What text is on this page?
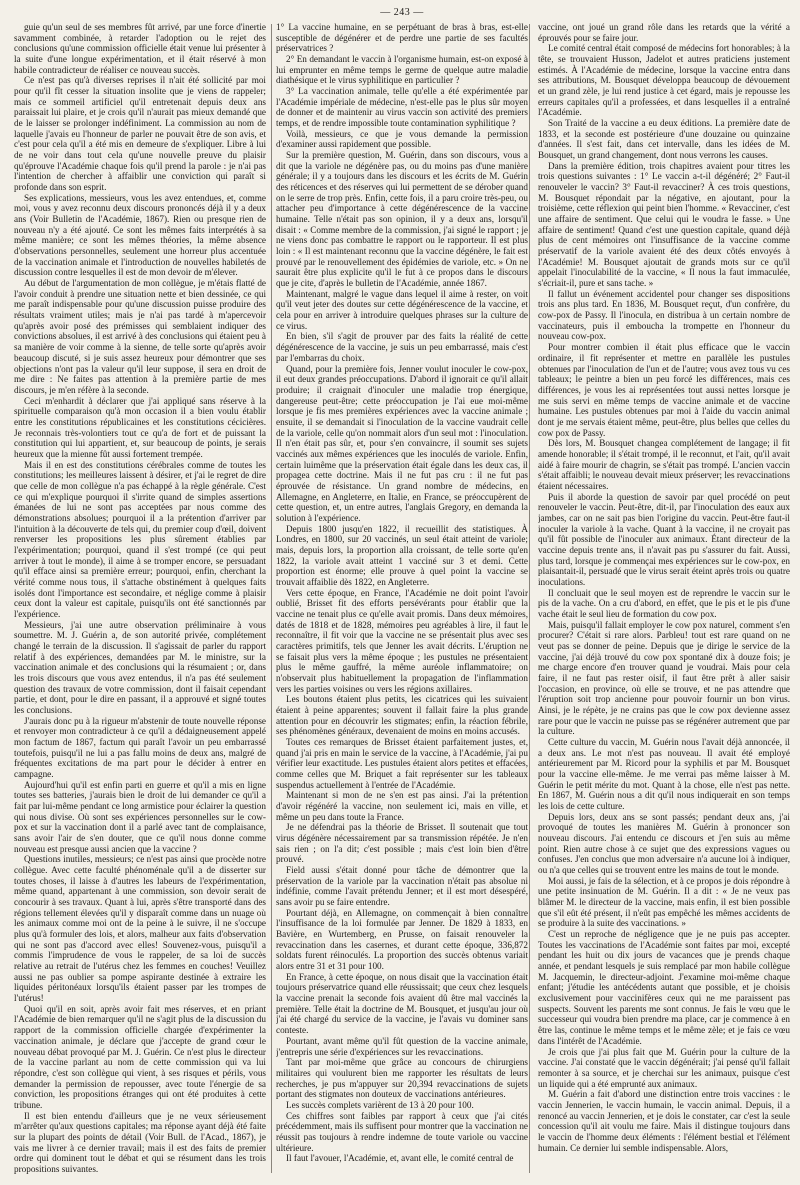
— 243 —

guie qu'un seul de ses membres fût arrivé, par une force d'inertie savamment combinée, à retarder l'adoption ou le rejet des conclusions qu'une commission officielle était venue lui présenter à la suite d'une longue expérimentation, et il était réservé à mon habile contradicteur de réaliser ce nouveau succès.

Ce n'est pas qu'à diverses reprises il n'ait été sollicité par moi pour qu'il fît cesser la situation insolite que je viens de rappeler; mais ce sommeil artificiel qu'il entretenait depuis deux ans paraissait lui plaire, et je crois qu'il n'aurait pas mieux demandé que de le laisser se prolonger indéfiniment. La commission au nom de laquelle j'avais eu l'honneur de parler ne pouvait être de son avis, et c'est pour cela qu'il a été mis en demeure de s'expliquer. Libre à lui de ne voir dans tout cela qu'une nouvelle preuve du plaisir qu'éprouve l'Académie chaque fois qu'il prend la parole : je n'ai pas l'intention de chercher à affaiblir une conviction qui paraît si profonde dans son esprit.

Ses explications, messieurs, vous les avez entendues, et, comme moi, vous y avez reconnu deux discours prononcés déjà il y a deux ans (Voir Bulletin de l'Académie, 1867). Rien ou presque rien de nouveau n'y a été ajouté. Ce sont les mêmes faits interprétés à sa même manière; ce sont les mêmes théories, la même absence d'observations personnelles, seulement une horreur plus accentuée de la vaccination animale et l'introduction de nouvelles habiletés de discussion contre lesquelles il est de mon devoir de m'élever.

Au début de l'argumentation de mon collègue, je m'étais flatté de l'avoir conduit à prendre une situation nette et bien dessinée, ce qui me paraît indispensable pour qu'une discussion puisse produire des résultats vraiment utiles; mais je n'ai pas tardé à m'apercevoir qu'après avoir posé des prémisses qui semblaient indiquer des convictions absolues, il est arrivé à des conclusions qui étaient peu à sa manière de voir comme à la sienne, de telle sorte qu'après avoir beaucoup discuté, si je suis assez heureux pour démontrer que ses objections n'ont pas la valeur qu'il leur suppose, il sera en droit de me dire : Ne faites pas attention à la première partie de mes discours, je m'en réfère à la seconde.

Ceci m'enhardit à déclarer que j'ai appliqué sans réserve à la spirituelle comparaison qu'à mon occasion il a bien voulu établir entre les constitutions républicaines et les constitutions cécicières. Je reconnais très-volontiers tout ce qu'a de fort et de puissant la constitution qui lui appartient, et, sur beaucoup de points, je serais heureux que la mienne fût aussi fortement trempée.

Mais il en est des constitutions cérébrales comme de toutes les constitutions; les meilleures laissent à désirer, et j'ai le regret de dire que celle de mon collègue n'a pas échappé à la règle générale. C'est ce qui m'explique pourquoi il s'irrite quand de simples assertions émanées de lui ne sont pas acceptées par nous comme des démonstrations absolues; pourquoi il a la prétention d'arriver par l'intuition à la découverte de tels qui, du premier coup d'œil, doivent renverser les propositions les plus sûrement établies par l'expérimentation; pourquoi, quand il s'est trompé (ce qui peut arriver à tout le monde), il aime à se tromper encore, se persuadant qu'il efface ainsi sa première erreur; pourquoi, enfin, cherchant la vérité comme nous tous, il s'attache obstinément à quelques faits isolés dont l'importance est secondaire, et néglige comme à plaisir ceux dont la valeur est capitale, puisqu'ils ont été sanctionnés par l'expérience.

Messieurs, j'ai une autre observation préliminaire à vous soumettre. M. J. Guérin a, de son autorité privée, complétement changé le terrain de la discussion. Il s'agissait de parler du rapport relatif à des expériences, demandées par M. le ministre, sur la vaccination animale et des conclusions qui la résumaient ; or, dans les trois discours que vous avez entendus, il n'a pas été seulement question des travaux de votre commission, dont il faisait cependant partie, et dont, pour le dire en passant, il a approuvé et signé toutes les conclusions.

J'aurais donc pu à la rigueur m'abstenir de toute nouvelle réponse et renvoyer mon contradicteur à ce qu'il a dédaigneusement appelé mon factum de 1867, factum qui paraît l'avoir un peu embarrassé toutefois, puisqu'il ne lui a pas fallu moins de deux ans, malgré de fréquentes excitations de ma part pour le décider à entrer en campagne.

Aujourd'hui qu'il est enfin parti en guerre et qu'il a mis en ligne toutes ses batteries, j'aurais bien le droit de lui demander ce qu'il a fait par lui-même pendant ce long armistice pour éclairer la question qui nous divise. Où sont ses expériences personnelles sur le cow-pox et sur la vaccination dont il a parlé avec tant de complaisance, sans avoir l'air de s'en douter, que ce qu'il nous donne comme nouveau est presque aussi ancien que la vaccine ?

Questions inutiles, messieurs; ce n'est pas ainsi que procède notre collègue. Avec cette faculté phénoménale qu'il a de disserter sur toutes choses, il laisse à d'autres les labeurs de l'expérimentation, même quand, appartenant à une commission, son devoir serait de concourir à ses travaux. Quant à lui, après s'être transporté dans des régions tellement élevées qu'il y disparaît comme dans un nuage où les animaux comme moi ont de la peine à le suivre, il ne s'occupe plus qu'à formuler des lois, et alors, malheur aux faits d'observation qui ne sont pas d'accord avec elles! Souvenez-vous, puisqu'il a commis l'imprudence de vous le rappeler, de sa loi de succès relative au retrait de l'utérus chez les femmes en couches! Veuillez aussi ne pas oublier sa pompe aspirante destinée à extraire les liquides péritonéaux lorsqu'ils étaient passer par les trompes de l'utérus!

Quoi qu'il en soit, après avoir fait mes réserves, et en priant l'Académie de bien remarquer qu'il ne s'agit plus de la discussion du rapport de la commission officielle chargée d'expérimenter la vaccination animale, je déclare que j'accepte de grand cœur le nouveau débat provoqué par M. J. Guérin. Ce n'est plus le directeur de la vaccine parlant au nom de cette commission qui va lui répondre, c'est son collègue qui vient, à ses risques et périls, vous demander la permission de repousser, avec toute l'énergie de sa conviction, les propositions étranges qui ont été produites à cette tribune.

Il est bien entendu d'ailleurs que je ne veux sérieusement m'arrêter qu'aux questions capitales; ma réponse ayant déjà été faite sur la plupart des points de détail (Voir Bull. de l'Acad., 1867), je vais me livrer à ce dernier travail; mais il est des faits de premier ordre qui dominent tout le débat et qui se résument dans les trois propositions suivantes.

1° La vaccine humaine, en se perpétuant de bras à bras, est-elle susceptible de dégénérer et de perdre une partie de ses facultés préservatrices ?

2° En demandant le vaccin à l'organisme humain, est-on exposé à lui emprunter en même temps le germe de quelque autre maladie diathésique et le virus syphilitique en particulier ?

3° La vaccination animale, telle qu'elle a été expérimentée par l'Académie impériale de médecine, n'est-elle pas le plus sûr moyen de donner et de maintenir au virus vaccin son activité des premiers temps, et de rendre impossible toute contamination syphilitique ?

Voilà, messieurs, ce que je vous demande la permission d'examiner aussi rapidement que possible.

Sur la première question, M. Guérin, dans son discours, vous a dit que la variole ne dégénère pas, ou du moins pas d'une manière générale; il y a toujours dans les discours et les écrits de M. Guérin des réticences et des réserves qui lui permettent de se dérober quand on le serre de trop près. Enfin, cette fois, il a paru croire très-peu, ou attacher peu d'importance à cette dégénérescence de la vaccine humaine. Telle n'était pas son opinion, il y a deux ans, lorsqu'il disait : « Comme membre de la commission, j'ai signé le rapport ; je ne viens donc pas combattre le rapport ou le rapporteur. Il est plus loin : « Il est maintenant reconnu que la vaccine dégénère, le fait est prouvé par le renouvellement des épidémies de variole, etc. » On ne saurait être plus explicite qu'il le fut à ce propos dans le discours que je cite, d'après le bulletin de l'Académie, année 1867.

Maintenant, malgré le vague dans lequel il aime à rester, on voit qu'il veut jeter des doutes sur cette dégénérescence de la vaccine, et cela pour en arriver à introduire quelques phrases sur la culture de ce virus.

En bien, s'il s'agit de prouver par des faits la réalité de cette dégénérescence de la vaccine, je suis un peu embarrassé, mais c'est par l'embarras du choix.

Quand, pour la première fois, Jenner voulut inoculer le cow-pox, il eut deux grandes préoccupations. D'abord il ignorait ce qu'il allait produire; il craignait d'inoculer une maladie trop énergique, dangereuse peut-être; cette préoccupation je l'ai eue moi-même lorsque je fis mes premières expériences avec la vaccine animale ; ensuite, il se demandait si l'inoculation de la vaccine vaudrait celle de la variole, celle qu'on nommait alors d'un seul mot : l'inoculation. Il n'en était pas sûr, et, pour s'en convaincre, il soumit ses sujets vaccinés aux mêmes expériences que les inoculés de variole. Enfin, certain luimême que la préservation était égale dans les deux cas, il propagea cette doctrine. Mais il ne fut pas cru : il ne fut pas éprouvée de résistance. Un grand nombre de médecins, en Allemagne, en Angleterre, en Italie, en France, se préoccupèrent de cette question, et, un entre autres, l'anglais Gregory, en demanda la solution à l'expérience.

Depuis 1800 jusqu'en 1822, il recueillit des statistiques. À Londres, en 1800, sur 20 vaccinés, un seul était atteint de variole; mais, depuis lors, la proportion alla croissant, de telle sorte qu'en 1822, la variole avait atteint 1 vacciné sur 3 et demi. Cette proportion est énorme; elle prouve à quel point la vaccine se trouvait affaiblie dès 1822, en Angleterre.

Vers cette époque, en France, l'Académie ne doit point l'avoir oublié, Brisset fit des efforts persévérants pour établir que la vaccine ne tenait plus ce qu'elle avait promis. Dans deux mémoires, datés de 1818 et de 1828, mémoires peu agréables à lire, il faut le reconnaître, il fit voir que la vaccine ne se présentait plus avec ses caractères primitifs, tels que Jenner les avait décrits. L'éruption ne se faisait plus vers la même époque ; les pustules ne présentaient plus le même gauffré, la même auréole inflammatoire; on n'observait plus habituellement la propagation de l'inflammation vers les parties voisines ou vers les régions axillaires.

Les boutons étaient plus petits, les cicatrices qui les suivaient étaient à peine apparentes; souvent il fallait faire la plus grande attention pour en découvrir les stigmates; enfin, la réaction fébrile, ses phénomènes généraux, devenaient de moins en moins accusés.

Toutes ces remarques de Brisset étaient parfaitement justes, et, quand j'ai pris en main le service de la vaccine, à l'Académie, j'ai pu vérifier leur exactitude. Les pustules étaient alors petites et effacées, comme celles que M. Briquet a fait représenter sur les tableaux suspendus actuellement à l'entrée de l'Académie.

Maintenant si mon de ne s'en est pas ainsi. J'ai la prétention d'avoir régénéré la vaccine, non seulement ici, mais en ville, et même un peu dans toute la France.

Je ne défendrai pas la théorie de Brisset. Il soutenait que tout virus dégénère nécessairement par sa transmission répétée. Je n'en sais rien ; on l'a dit; c'est possible ; mais c'est loin bien d'être prouvé.

Field aussi s'était donné pour tâche de démontrer que la préservation de la variole par la vaccination n'était pas absolue ni indéfinie, comme l'avait prétendu Jenner; et il est mort désespéré, sans avoir pu se faire entendre.

Pourtant déjà, en Allemagne, on commençait à bien connaître l'insuffisance de la loi formulée par Jenner. De 1829 à 1833, en Bavière, en Wurtemberg, en Prusse, on faisait renouveler la revaccination dans les casernes, et durant cette époque, 336,872 soldats furent réinoculés. La proportion des succès obtenus variait alors entre 31 et 31 pour 100.

En France, à cette époque, on nous disait que la vaccination était toujours préservatrice quand elle réussissait; que ceux chez lesquels la vaccine prenait la seconde fois avaient dû être mal vaccinés la première. Telle était la doctrine de M. Bousquet, et jusqu'au jour où j'ai été chargé du service de la vaccine, je l'avais vu dominer sans conteste.

Pourtant, avant même qu'il fût question de la vaccine animale, j'entrepris une série d'expériences sur les revaccinations.

Tant par moi-même que grâce au concours de chirurgiens militaires qui voulurent bien me rapporter les résultats de leurs recherches, je pus m'appuyer sur 20,394 revaccinations de sujets portant des stigmates non douteux de vaccinations antérieures.

Les succès complets varièrent de 13 à 20 pour 100.

Ces chiffres sont faibles par rapport à ceux que j'ai cités précédemment, mais ils suffisent pour montrer que la vaccination ne réussit pas toujours à rendre indemne de toute variole ou vaccine ultérieure.

Il faut l'avouer, l'Académie, et, avant elle, le comité central de

vaccine, ont joué un grand rôle dans les retards que la vérité a éprouvés pour se faire jour.

Le comité central était composé de médecins fort honorables; à la tête, se trouvaient Husson, Jadelot et autres praticiens justement estimés. À l'Académie de médecine, lorsque la vaccine entra dans ses attributions, M. Bousquet développa beaucoup de dévouement et un grand zèle, je lui rend justice à cet égard, mais je repousse les erreurs capitales qu'il a professées, et dans lesquelles il a entraîné l'Académie.

Son Traité de la vaccine a eu deux éditions. La première date de 1833, et la seconde est postérieure d'une douzaine ou quinzaine d'années. Il s'est fait, dans cet intervalle, dans les idées de M. Bousquet, un grand changement, dont nous verrons les causes.

Dans la première édition, trois chapitres avaient pour titres les trois questions suivantes : 1° Le vaccin a-t-il dégénéré; 2° Faut-il renouveler le vaccin? 3° Faut-il revacciner? À ces trois questions, M. Bousquet répondait par la négative, en ajoutant, pour la troisième, cette réflexion qui peint bien l'homme. « Revacciner, c'est une affaire de sentiment. Que celui qui le voudra le fasse. » Une affaire de sentiment! Quand c'est une question capitale, quand déjà plus de cent mémoires ont l'insuffisance de la vaccine comme préservatif de la variole avaient été des deux côtés envoyés à l'Académie! M. Bousquet ajoutait de grands mots sur ce qu'il appelait l'inoculabilité de la vaccine, « Il nous la faut immaculée, s'écriait-il, pure et sans tache. »

Il fallut un événement accidentel pour changer ses dispositions trois ans plus tard. En 1836, M. Bousquet reçut, d'un confrère, du cow-pox de Passy. Il l'inocula, en distribua à un certain nombre de vaccinateurs, puis il emboucha la trompette en l'honneur du nouveau cow-pox.

Pour montrer combien il était plus efficace que le vaccin ordinaire, il fit représenter et mettre en parallèle les pustules obtenues par l'inoculation de l'un et de l'autre; vous avez tous vu ces tableaux; le peintre a bien un peu forcé les différences, mais ces différences, je vous les ai représentées tout aussi nettes lorsque je me suis servi en même temps de vaccine animale et de vaccine humaine. Les pustules obtenues par moi à l'aide du vaccin animal dont je me servais étaient même, peut-être, plus belles que celles du cow pox de Passy.

Dès lors, M. Bousquet changea complétement de langage; il fit amende honorable; il s'était trompé, il le reconnut, et l'ait, qu'il avait aidé à faire mourir de chagrin, se s'était pas trompé. L'ancien vaccin s'était affaibli; le nouveau devait mieux préserver; les revaccinations étaient nécessaires.

Puis il aborde la question de savoir par quel procédé on peut renouveler le vaccin. Peut-être, dit-il, par l'inoculation des eaux aux jambes, car on ne sait pas bien l'origine du vaccin. Peut-être faut-il inoculer la variole à la vache. Quant à la vaccine, il ne croyait pas qu'il fût possible de l'inoculer aux animaux. Étant directeur de la vaccine depuis trente ans, il n'avait pas pu s'assurer du fait. Aussi, plus tard, lorsque je commençai mes expériences sur le cow-pox, en plaisantait-il, persuadé que le virus serait éteint après trois ou quatre inoculations.

Il concluait que le seul moyen est de reprendre le vaccin sur le pis de la vache. On a cru d'abord, en effet, que le pis et le pis d'une vache était le seul lieu de formation du cow pox.

Mais, puisqu'il fallait employer le cow pox naturel, comment s'en procurer? C'était si rare alors. Parbleu! tout est rare quand on ne veut pas se donner de peine. Depuis que je dirige le service de la vaccine, j'ai déjà trouvé du cow pox spontané dix à douze fois; je me charge encore d'en trouver quand je voudrai. Mais pour cela faire, il ne faut pas rester oisif, il faut être prêt à aller saisir l'occasion, en province, où elle se trouve, et ne pas attendre que l'éruption soit trop ancienne pour pouvoir fournir un bon virus. Ainsi, je le répète, je ne crains pas que le cow pox devienne assez rare pour que le vaccin ne puisse pas se régénérer autrement que par la culture.

Cette culture du vaccin, M. Guérin nous l'avait déjà annoncée, il a deux ans. Le mot n'est pas nouveau. Il avait été employé antérieurement par M. Ricord pour la syphilis et par M. Bousquet pour la vaccine elle-même. Je me verrai pas même laisser à M. Guérin le petit mérite du mot. Quant à la chose, elle n'est pas nette. En 1867, M. Guérin nous a dit qu'il nous indiquerait en son temps les lois de cette culture.

Depuis lors, deux ans se sont passés; pendant deux ans, j'ai provoqué de toutes les manières M. Guérin à prononcer son nouveau discours. J'ai entendu ce discours et j'en suis au même point. Rien autre chose à ce sujet que des expressions vagues ou confuses. J'en conclus que mon adversaire n'a aucune loi à indiquer, ou n'a que celles qui se trouvent entre les mains de tout le monde.

Moi aussi, je fais de la sélection, et à ce propos je dois répondre à une petite insinuation de M. Guérin. Il a dit : « Je ne veux pas blâmer M. le directeur de la vaccine, mais enfin, il est bien possible que s'il eût été présent, il n'eût pas empêché les mêmes accidents de se produire à la suite des vaccinations. »

C'est un reproche de négligence que je ne puis pas accepter. Toutes les vaccinations de l'Académie sont faites par moi, excepté pendant les huit ou dix jours de vacances que je prends chaque année, et pendant lesquels je suis remplacé par mon habile collègue M. Jacquemin, le directeur-adjoint. J'examine moi-même chaque enfant; j'étudie les antécédents autant que possible, et je choisis exclusivement pour vaccinifères ceux qui ne me paraissent pas suspects. Souvent les parents me sont connus. Je fais le vœu que le successeur qui voudra bien prendre ma place, car je commence à en être las, continue le même temps et le même zèle; et je fais ce vœu dans l'intérêt de l'Académie.

Je crois que j'ai plus fait que M. Guérin pour la culture de la vaccine. J'ai constaté que le vaccin dégénérait; j'ai pensé qu'il fallait remonter à sa source, et je cherchai sur les animaux, puisque c'est un liquide qui a été emprunté aux animaux.

M. Guérin a fait d'abord une distinction entre trois vaccines : le vaccin Jennerien, le vaccin humain, le vaccin animal. Depuis, il a renoncé au vaccin Jennerien, et je dois le constater, car c'est la seule concession qu'il ait voulu me faire. Mais il distingue toujours dans le vaccin de l'homme deux éléments : l'élément bestial et l'élément humain. Ce dernier lui semble indispensable. Alors,
